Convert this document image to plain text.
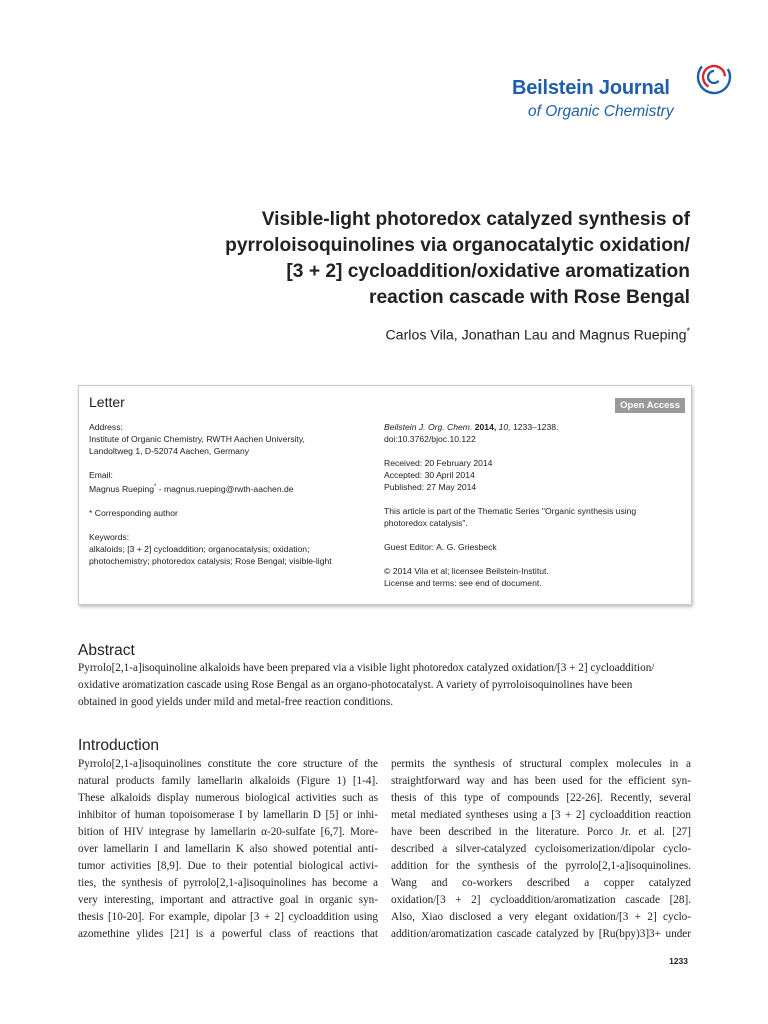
Beilstein Journal
of Organic Chemistry
Visible-light photoredox catalyzed synthesis of
pyrroloisoquinolines via organocatalytic oxidation/
[3 + 2] cycloaddition/oxidative aromatization
reaction cascade with Rose Bengal
Carlos Vila, Jonathan Lau and Magnus Rueping*
Letter	Open Access
Address:
Institute of Organic Chemistry, RWTH Aachen University,
Landoltweg 1, D-52074 Aachen, Germany
Email:
Magnus Rueping* - magnus.rueping@rwth-aachen.de
* Corresponding author
Keywords:
alkaloids; [3 + 2] cycloaddition; organocatalysis; oxidation;
photochemistry; photoredox catalysis; Rose Bengal; visible-light
Beilstein J. Org. Chem. 2014, 10, 1233–1238.
doi:10.3762/bjoc.10.122
Received: 20 February 2014
Accepted: 30 April 2014
Published: 27 May 2014
This article is part of the Thematic Series "Organic synthesis using
photoredox catalysis".
Guest Editor: A. G. Griesbeck
© 2014 Vila et al; licensee Beilstein-Institut.
License and terms: see end of document.
Abstract
Pyrrolo[2,1-a]isoquinoline alkaloids have been prepared via a visible light photoredox catalyzed oxidation/[3 + 2] cycloaddition/
oxidative aromatization cascade using Rose Bengal as an organo-photocatalyst. A variety of pyrroloisoquinolines have been
obtained in good yields under mild and metal-free reaction conditions.
Introduction
Pyrrolo[2,1-a]isoquinolines constitute the core structure of the
natural products family lamellarin alkaloids (Figure 1) [1-4].
These alkaloids display numerous biological activities such as
inhibitor of human topoisomerase I by lamellarin D [5] or inhi-
bition of HIV integrase by lamellarin α-20-sulfate [6,7]. More-
over lamellarin I and lamellarin K also showed potential anti-
tumor activities [8,9]. Due to their potential biological activi-
ties, the synthesis of pyrrolo[2,1-a]isoquinolines has become a
very interesting, important and attractive goal in organic syn-
thesis [10-20]. For example, dipolar [3 + 2] cycloaddition using
azomethine ylides [21] is a powerful class of reactions that
permits the synthesis of structural complex molecules in a
straightforward way and has been used for the efficient syn-
thesis of this type of compounds [22-26]. Recently, several
metal mediated syntheses using a [3 + 2] cycloaddition reaction
have been described in the literature. Porco Jr. et al. [27]
described a silver-catalyzed cycloisomerization/dipolar cyclo-
addition for the synthesis of the pyrrolo[2,1-a]isoquinolines.
Wang and co-workers described a copper catalyzed
oxidation/[3 + 2] cycloaddition/aromatization cascade [28].
Also, Xiao disclosed a very elegant oxidation/[3 + 2] cyclo-
addition/aromatization cascade catalyzed by [Ru(bpy)3]3+ under
1233
